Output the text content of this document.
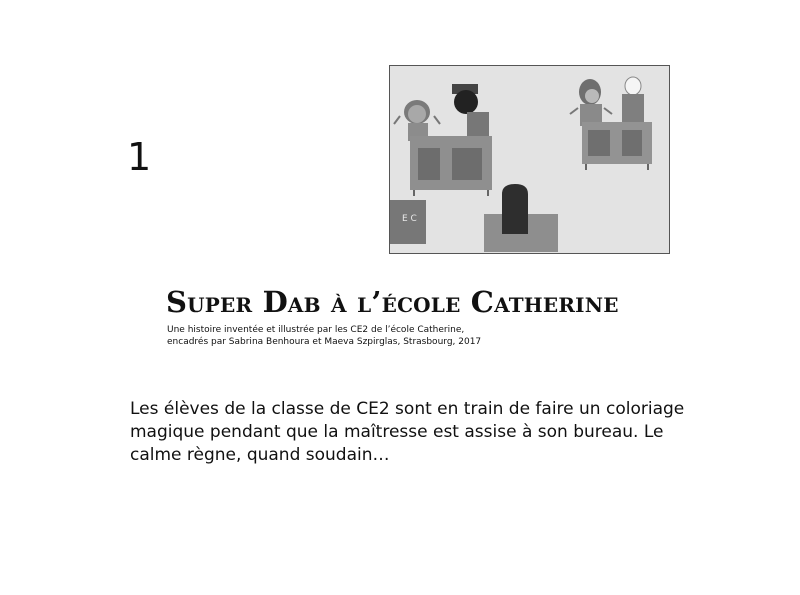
1
E C
Super Dab à l’école Catherine
Une histoire inventée et illustrée par les CE2 de l’école Catherine,
encadrés par Sabrina Benhoura et Maeva Szpirglas, Strasbourg, 2017
Les élèves de la classe de CE2 sont en train de faire un coloriage magique pendant que la maîtresse est assise à son bureau. Le calme règne, quand soudain…
